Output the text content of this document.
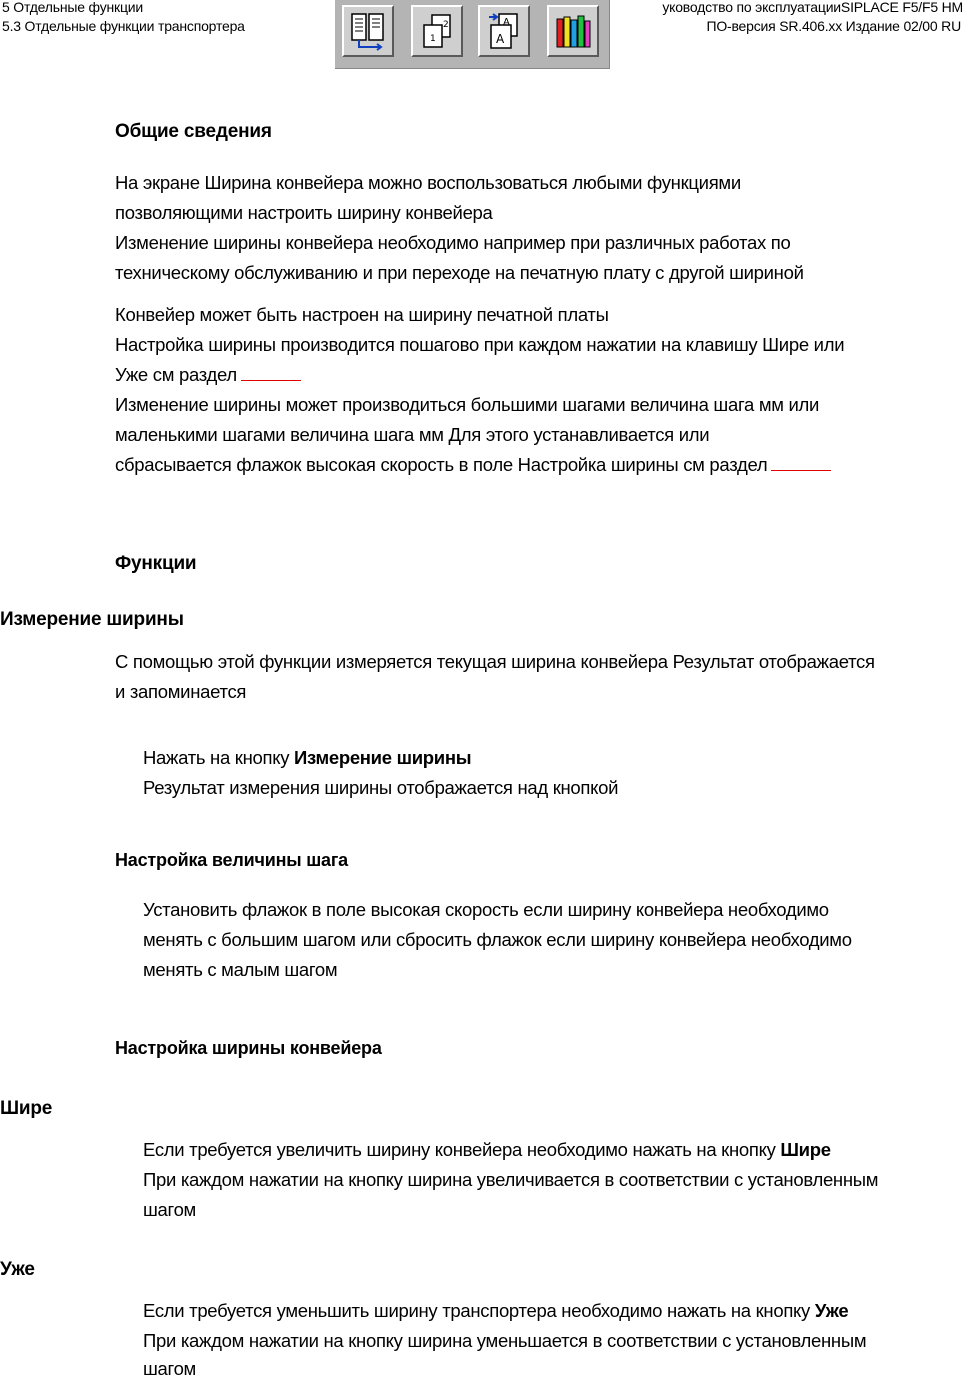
5 Отдельные функции
5.3 Отдельные функции транспортера
уководство по эксплуатацииSIPLACE F5/F5 HM
ПО-версия SR.406.xx Издание 02/00 RU
2
1
A
A
Общие сведения
На экране Ширина конвейера можно воспользоваться любыми функциями
позволяющими настроить ширину конвейера
Изменение ширины конвейера необходимо например при различных работах по
техническому обслуживанию и при переходе на печатную плату с другой шириной
Конвейер может быть настроен на ширину печатной платы
Настройка ширины производится пошагово при каждом нажатии на клавишу Шире или
Уже см раздел
Изменение ширины может производиться большими шагами величина шага мм или
маленькими шагами величина шага мм Для этого устанавливается или
сбрасывается флажок высокая скорость в поле Настройка ширины см раздел
Функции
Измерение ширины
С помощью этой функции измеряется текущая ширина конвейера Результат отображается
и запоминается
Нажать на кнопку Измерение ширины
Результат измерения ширины отображается над кнопкой
Настройка величины шага
Установить флажок в поле высокая скорость если ширину конвейера необходимо
менять с большим шагом или сбросить флажок если ширину конвейера необходимо
менять с малым шагом
Настройка ширины конвейера
Шире
Если требуется увеличить ширину конвейера необходимо нажать на кнопку Шире
При каждом нажатии на кнопку ширина увеличивается в соответствии с установленным
шагом
Уже
Если требуется уменьшить ширину транспортера необходимо нажать на кнопку Уже
При каждом нажатии на кнопку ширина уменьшается в соответствии с установленным
шагом
